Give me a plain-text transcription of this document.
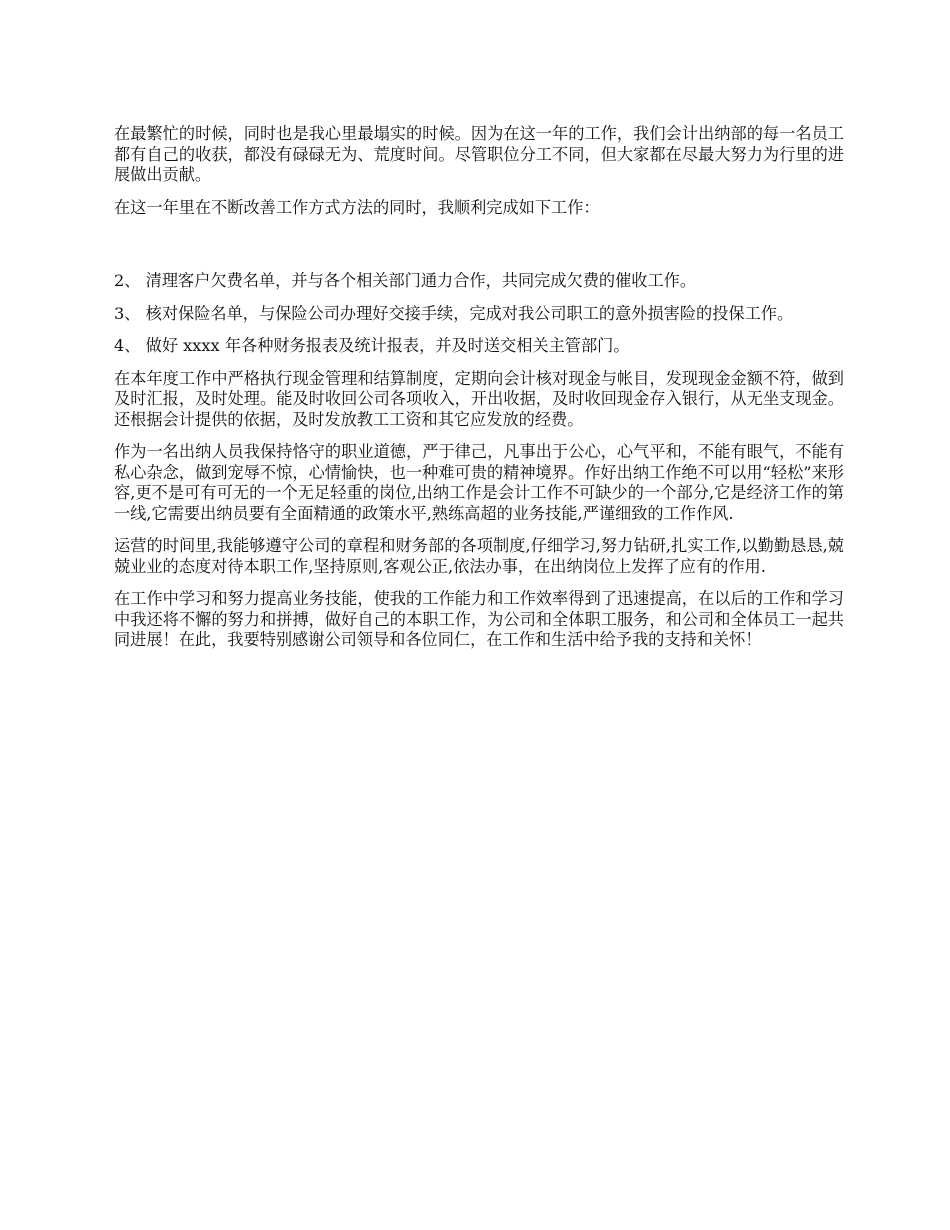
在最繁忙的时候，同时也是我心里最塌实的时候。因为在这一年的工作，我们会计出纳部的每一名员工都有自己的收获，都没有碌碌无为、荒度时间。尽管职位分工不同，但大家都在尽最大努力为行里的进展做出贡献。

在这一年里在不断改善工作方式方法的同时，我顺利完成如下工作：

2、 清理客户欠费名单，并与各个相关部门通力合作，共同完成欠费的催收工作。

3、 核对保险名单，与保险公司办理好交接手续，完成对我公司职工的意外损害险的投保工作。

4、 做好 xxxx 年各种财务报表及统计报表，并及时送交相关主管部门。

在本年度工作中严格执行现金管理和结算制度，定期向会计核对现金与帐目，发现现金金额不符，做到及时汇报，及时处理。能及时收回公司各项收入，开出收据，及时收回现金存入银行，从无坐支现金。还根据会计提供的依据，及时发放教工工资和其它应发放的经费。

作为一名出纳人员我保持恪守的职业道德，严于律己，凡事出于公心，心气平和，不能有眼气，不能有私心杂念，做到宠辱不惊，心情愉快，也一种难可贵的精神境界。作好出纳工作绝不可以用“轻松”来形容,更不是可有可无的一个无足轻重的岗位,出纳工作是会计工作不可缺少的一个部分,它是经济工作的第一线,它需要出纳员要有全面精通的政策水平,熟练高超的业务技能,严谨细致的工作作风.

运营的时间里,我能够遵守公司的章程和财务部的各项制度,仔细学习,努力钻研,扎实工作,以勤勤恳恳,兢兢业业的态度对待本职工作,坚持原则,客观公正,依法办事，在出纳岗位上发挥了应有的作用.

在工作中学习和努力提高业务技能，使我的工作能力和工作效率得到了迅速提高，在以后的工作和学习中我还将不懈的努力和拼搏，做好自己的本职工作，为公司和全体职工服务，和公司和全体员工一起共同进展！在此，我要特别感谢公司领导和各位同仁，在工作和生活中给予我的支持和关怀！
